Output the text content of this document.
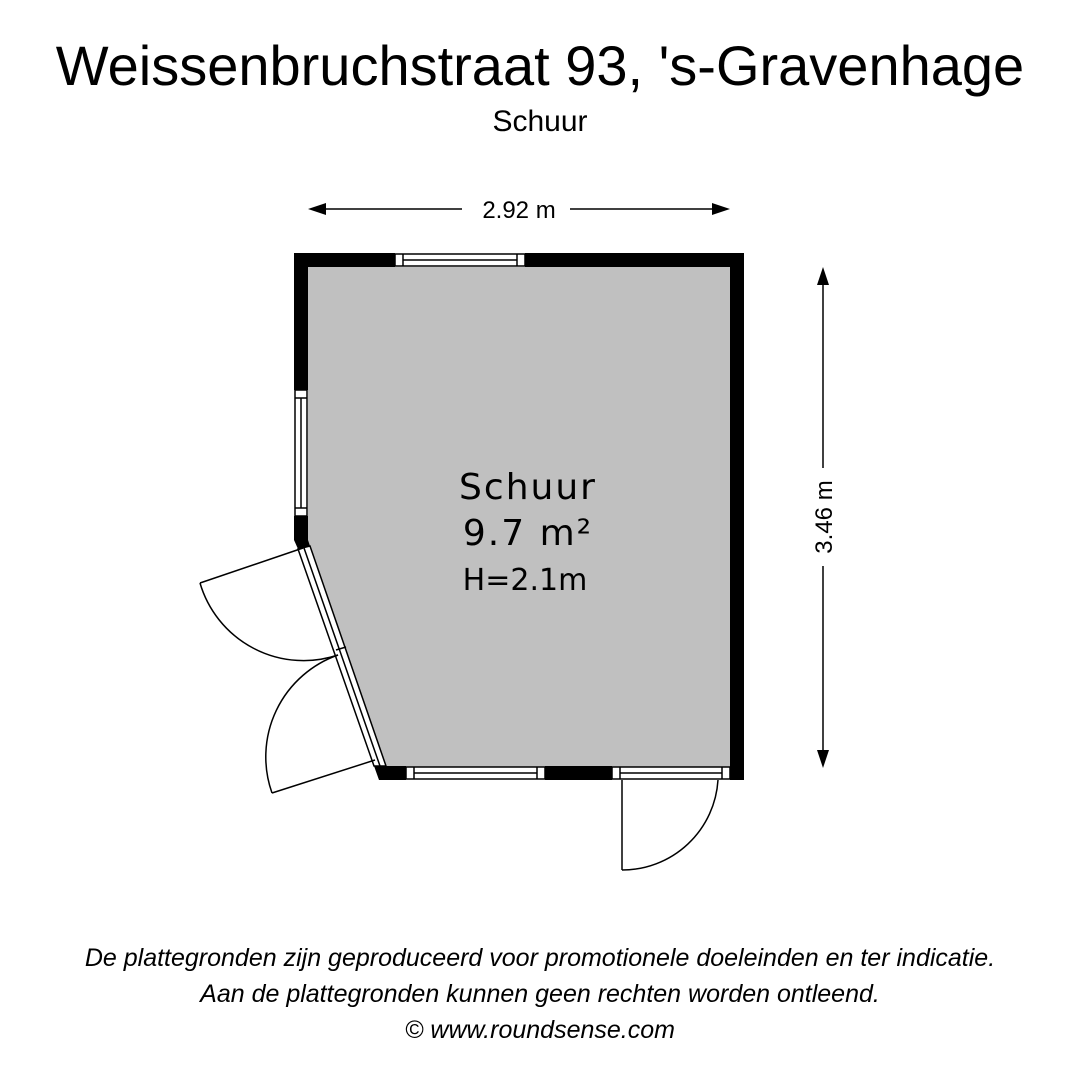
Weissenbruchstraat 93, 's-Gravenhage
Schuur
Schuur
9.7 m²
H=2.1m
2.92 m
3.46 m
De plattegronden zijn geproduceerd voor promotionele doeleinden en ter indicatie.
Aan de plattegronden kunnen geen rechten worden ontleend.
© www.roundsense.com
